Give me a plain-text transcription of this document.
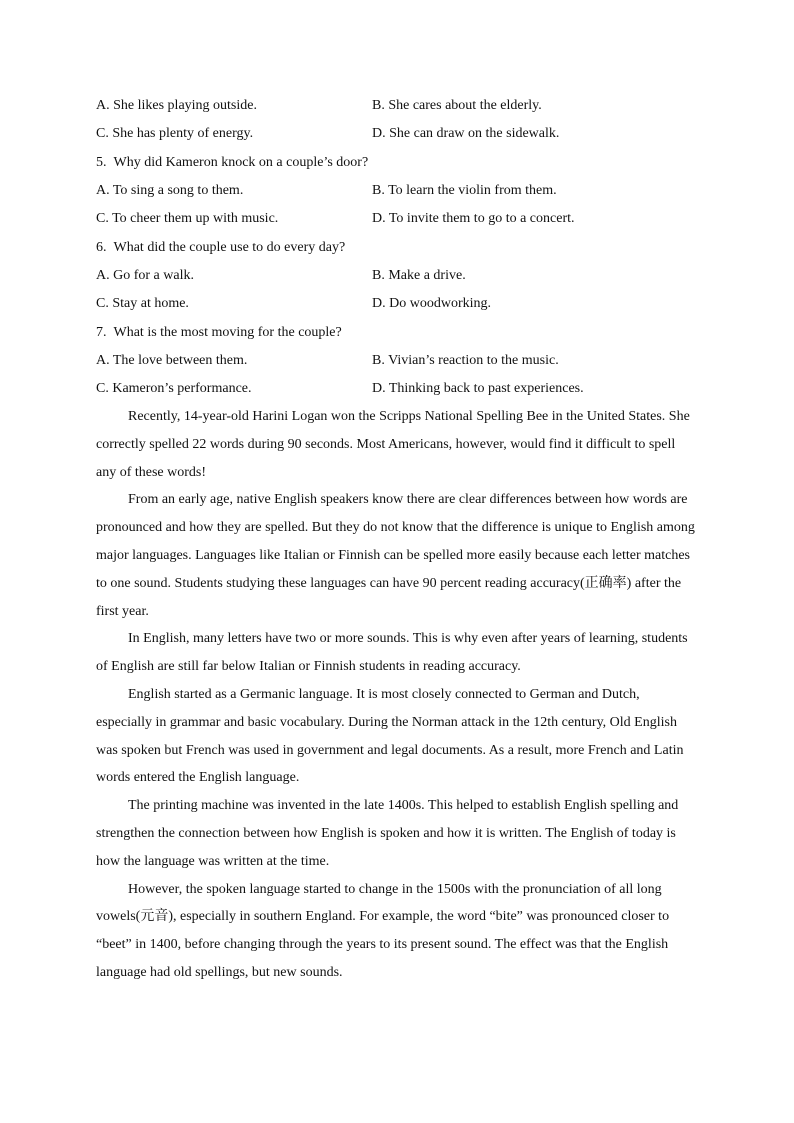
A. She likes playing outside.	B. She cares about the elderly.
C. She has plenty of energy.	D. She can draw on the sidewalk.
5.
Why did Kameron knock on a couple’s door?
A. To sing a song to them.	B. To learn the violin from them.
C. To cheer them up with music.	D. To invite them to go to a concert.
6.
What did the couple use to do every day?
A. Go for a walk.	B. Make a drive.
C. Stay at home.	D. Do woodworking.
7.
What is the most moving for the couple?
A. The love between them.	B. Vivian’s reaction to the music.
C. Kameron’s performance.	D. Thinking back to past experiences.

Recently, 14-year-old Harini Logan won the Scripps National Spelling Bee in the United States. She correctly spelled 22 words during 90 seconds. Most Americans, however, would find it difficult to spell any of these words!

From an early age, native English speakers know there are clear differences between how words are pronounced and how they are spelled. But they do not know that the difference is unique to English among major languages. Languages like Italian or Finnish can be spelled more easily because each letter matches to one sound. Students studying these languages can have 90 percent reading accuracy(正确率) after the first year.

In English, many letters have two or more sounds. This is why even after years of learning, students of English are still far below Italian or Finnish students in reading accuracy.

English started as a Germanic language. It is most closely connected to German and Dutch, especially in grammar and basic vocabulary. During the Norman attack in the 12th century, Old English was spoken but French was used in government and legal documents. As a result, more French and Latin words entered the English language.

The printing machine was invented in the late 1400s. This helped to establish English spelling and strengthen the connection between how English is spoken and how it is written. The English of today is how the language was written at the time.

However, the spoken language started to change in the 1500s with the pronunciation of all long vowels(元音), especially in southern England. For example, the word “bite” was pronounced closer to “beet” in 1400, before changing through the years to its present sound. The effect was that the English language had old spellings, but new sounds.
